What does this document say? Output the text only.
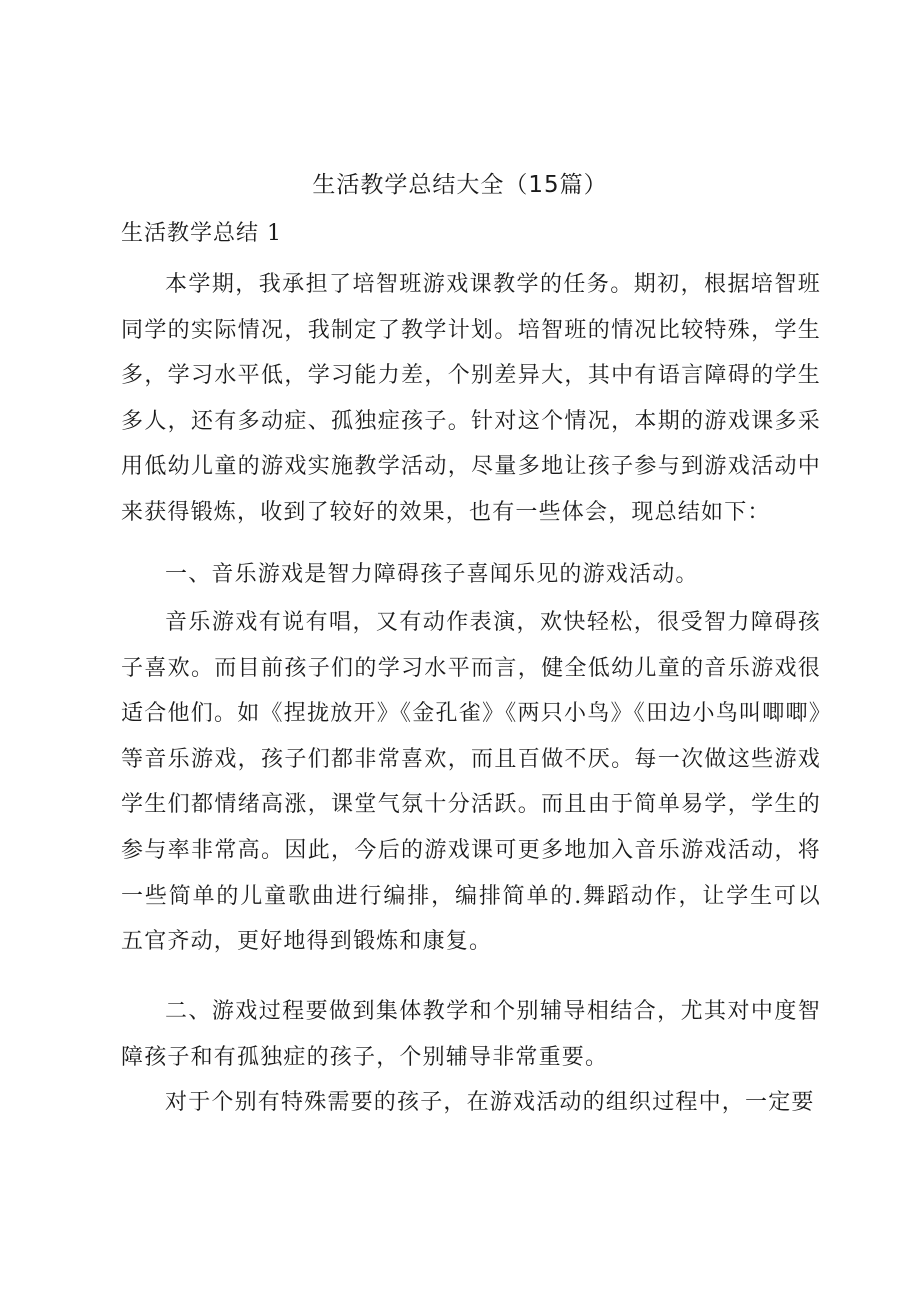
生活教学总结大全（15篇）
生活教学总结 1

本学期，我承担了培智班游戏课教学的任务。期初，根据培智班同学的实际情况，我制定了教学计划。培智班的情况比较特殊，学生多，学习水平低，学习能力差，个别差异大，其中有语言障碍的学生多人，还有多动症、孤独症孩子。针对这个情况，本期的游戏课多采用低幼儿童的游戏实施教学活动，尽量多地让孩子参与到游戏活动中来获得锻炼，收到了较好的效果，也有一些体会，现总结如下：

一、音乐游戏是智力障碍孩子喜闻乐见的游戏活动。

音乐游戏有说有唱，又有动作表演，欢快轻松，很受智力障碍孩子喜欢。而目前孩子们的学习水平而言，健全低幼儿童的音乐游戏很适合他们。如《捏拢放开》《金孔雀》《两只小鸟》《田边小鸟叫唧唧》等音乐游戏，孩子们都非常喜欢，而且百做不厌。每一次做这些游戏学生们都情绪高涨，课堂气氛十分活跃。而且由于简单易学，学生的参与率非常高。因此，今后的游戏课可更多地加入音乐游戏活动，将一些简单的儿童歌曲进行编排，编排简单的.舞蹈动作，让学生可以五官齐动，更好地得到锻炼和康复。

二、游戏过程要做到集体教学和个别辅导相结合，尤其对中度智障孩子和有孤独症的孩子，个别辅导非常重要。

对于个别有特殊需要的孩子，在游戏活动的组织过程中，一定要
